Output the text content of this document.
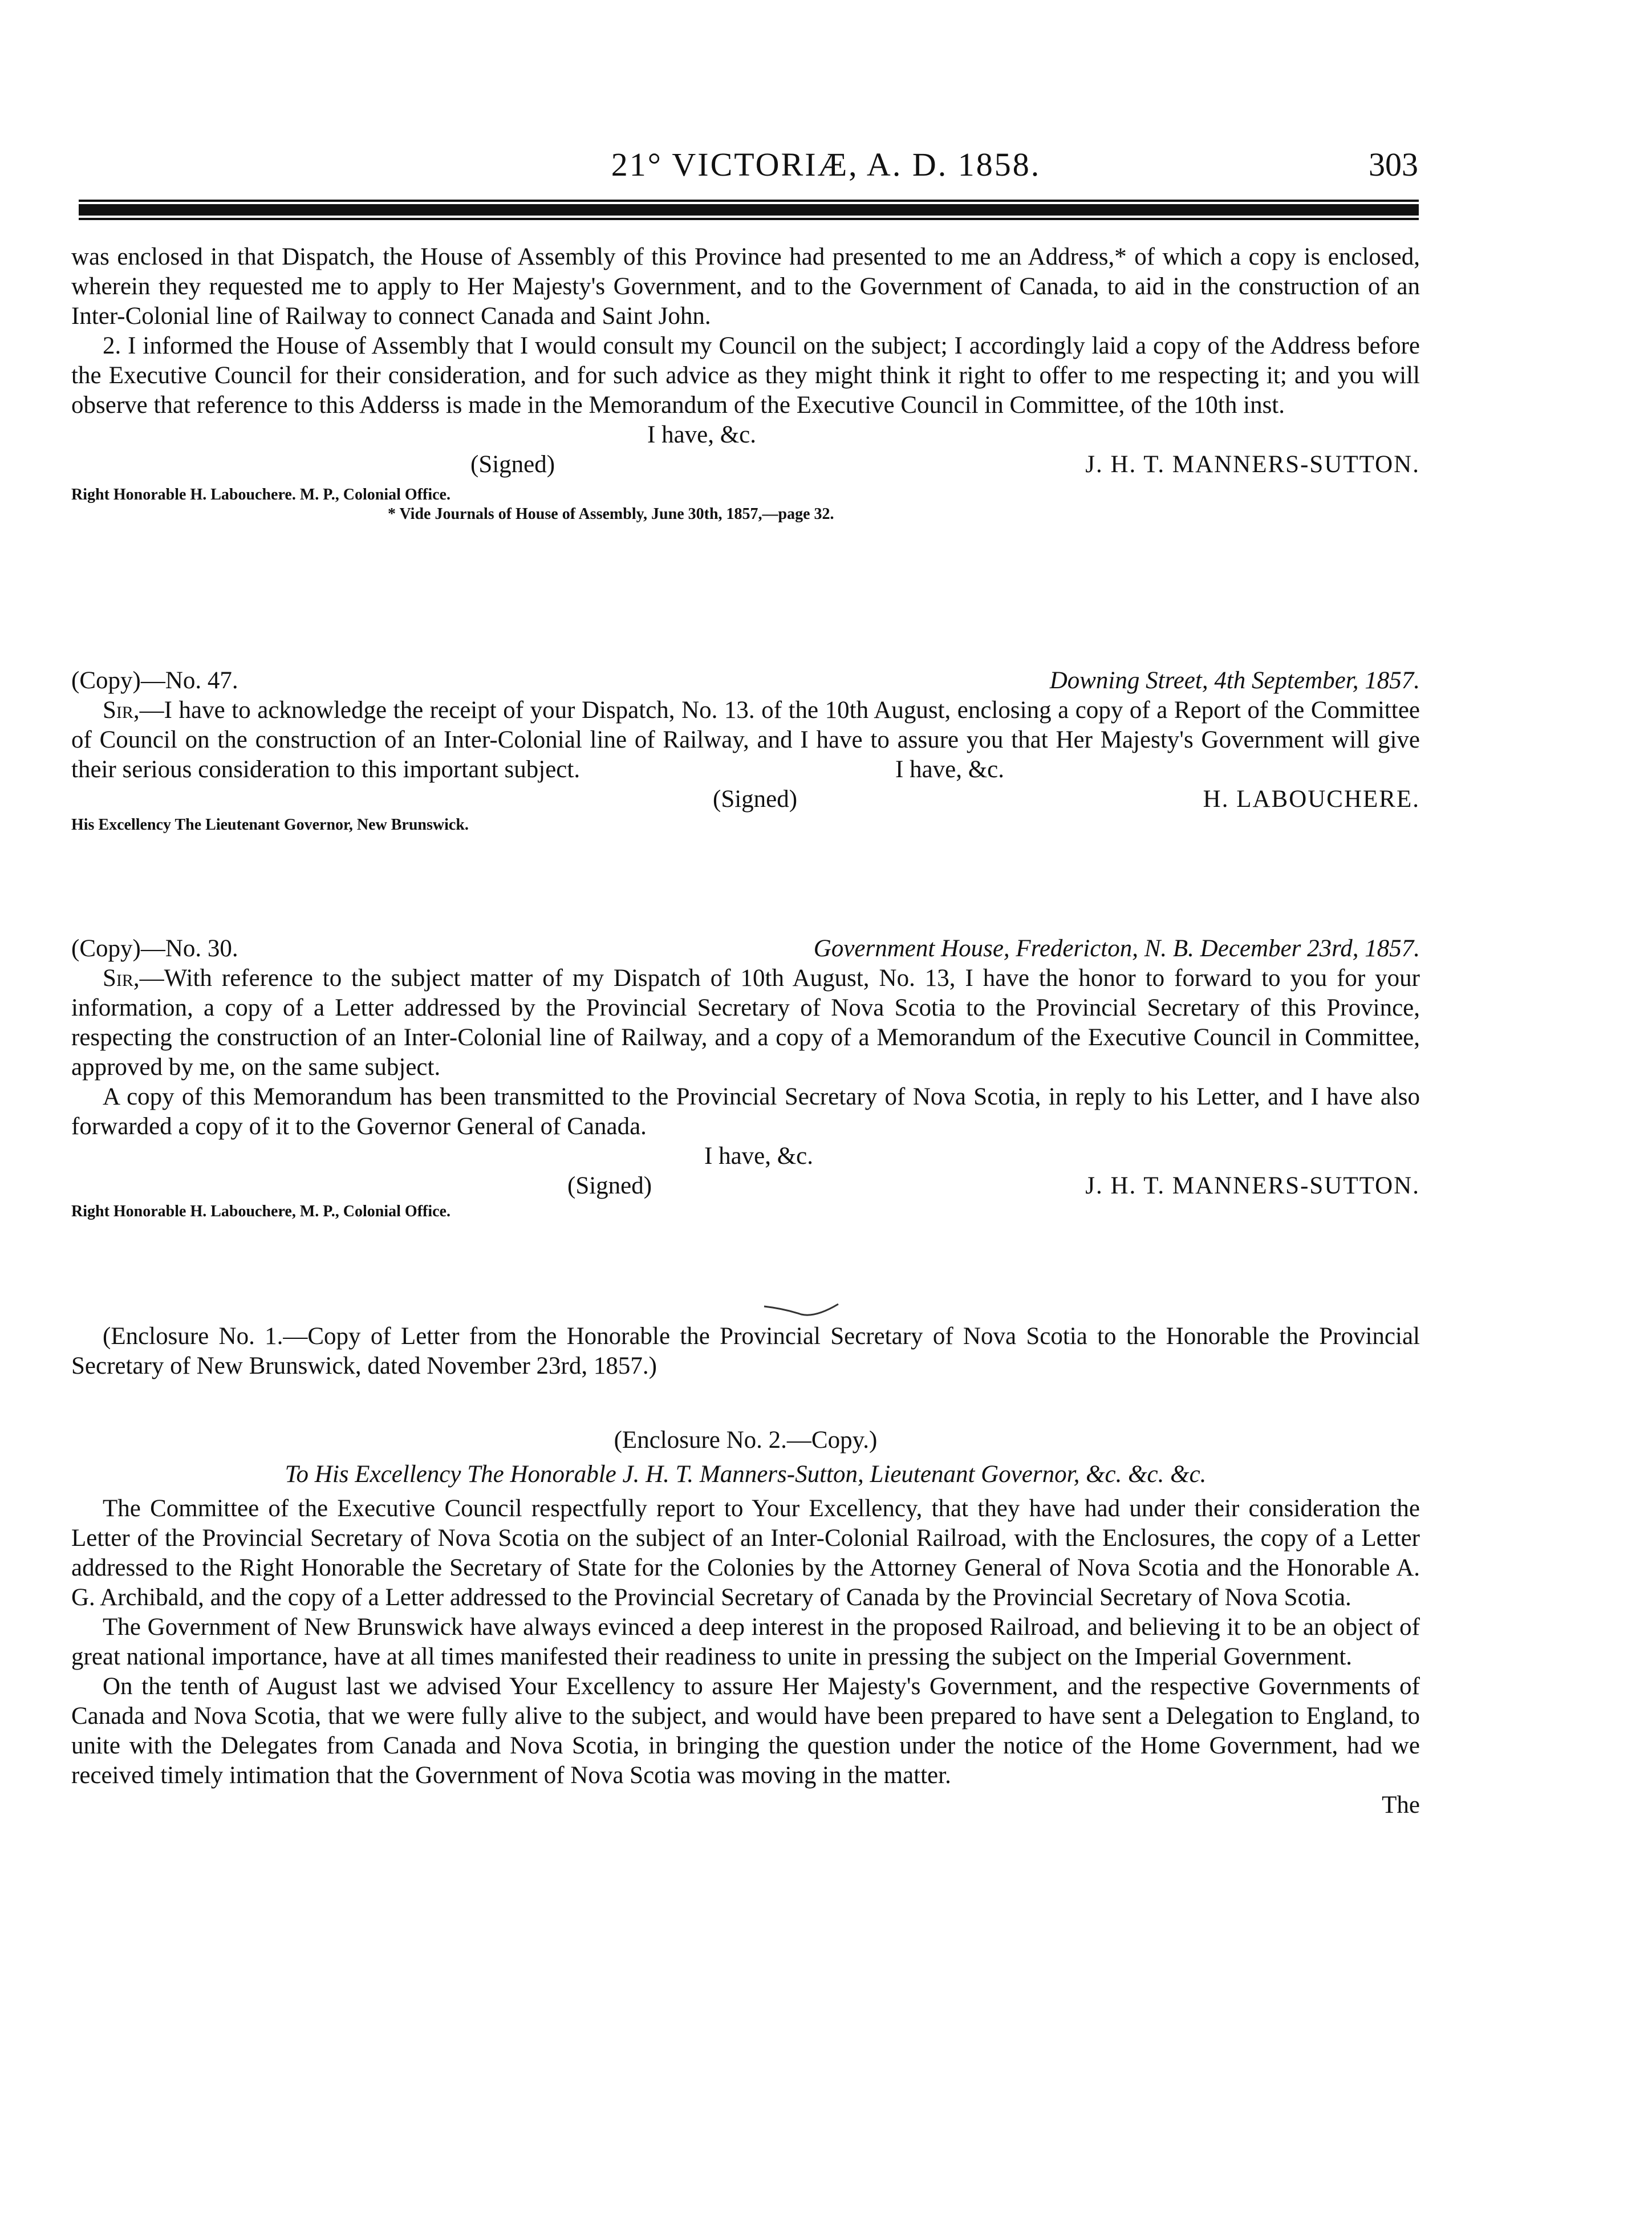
21° VICTORIÆ, A. D. 1858.	303

was enclosed in that Dispatch, the House of Assembly of this Province had presented to me an Address,* of which a copy is enclosed, wherein they requested me to apply to Her Majesty's Government, and to the Government of Canada, to aid in the construction of an Inter-Colonial line of Railway to connect Canada and Saint John.

2. I informed the House of Assembly that I would consult my Council on the subject; I accordingly laid a copy of the Address before the Executive Council for their consideration, and for such advice as they might think it right to offer to me respecting it; and you will observe that reference to this Adderss is made in the Memorandum of the Executive Council in Committee, of the 10th inst.

I have, &c.

(Signed)	J. H. T. MANNERS-SUTTON.

Right Honorable H. Labouchere. M. P., Colonial Office.

* Vide Journals of House of Assembly, June 30th, 1857,—page 32.

(Copy)—No. 47.	Downing Street, 4th September, 1857.

Sir,—I have to acknowledge the receipt of your Dispatch, No. 13. of the 10th August, enclosing a copy of a Report of the Committee of Council on the construction of an Inter-Colonial line of Railway, and I have to assure you that Her Majesty's Government will give their serious consideration to this important subject.	I have, &c.

(Signed)	H. LABOUCHERE.

His Excellency The Lieutenant Governor, New Brunswick.

(Copy)—No. 30.	Government House, Fredericton, N. B. December 23rd, 1857.

Sir,—With reference to the subject matter of my Dispatch of 10th August, No. 13, I have the honor to forward to you for your information, a copy of a Letter addressed by the Provincial Secretary of Nova Scotia to the Provincial Secretary of this Province, respecting the construction of an Inter-Colonial line of Railway, and a copy of a Memorandum of the Executive Council in Committee, approved by me, on the same subject.

A copy of this Memorandum has been transmitted to the Provincial Secretary of Nova Scotia, in reply to his Letter, and I have also forwarded a copy of it to the Governor General of Canada.

I have, &c.

(Signed)	J. H. T. MANNERS-SUTTON.

Right Honorable H. Labouchere, M. P., Colonial Office.

(Enclosure No. 1.—Copy of Letter from the Honorable the Provincial Secretary of Nova Scotia to the Honorable the Provincial Secretary of New Brunswick, dated November 23rd, 1857.)

(Enclosure No. 2.—Copy.)

To His Excellency The Honorable J. H. T. Manners-Sutton, Lieutenant Governor, &c. &c. &c.

The Committee of the Executive Council respectfully report to Your Excellency, that they have had under their consideration the Letter of the Provincial Secretary of Nova Scotia on the subject of an Inter-Colonial Railroad, with the Enclosures, the copy of a Letter addressed to the Right Honorable the Secretary of State for the Colonies by the Attorney General of Nova Scotia and the Honorable A. G. Archibald, and the copy of a Letter addressed to the Provincial Secretary of Canada by the Provincial Secretary of Nova Scotia.

The Government of New Brunswick have always evinced a deep interest in the proposed Railroad, and believing it to be an object of great national importance, have at all times manifested their readiness to unite in pressing the subject on the Imperial Government.

On the tenth of August last we advised Your Excellency to assure Her Majesty's Government, and the respective Governments of Canada and Nova Scotia, that we were fully alive to the subject, and would have been prepared to have sent a Delegation to England, to unite with the Delegates from Canada and Nova Scotia, in bringing the question under the notice of the Home Government, had we received timely intimation that the Government of Nova Scotia was moving in the matter.

The
